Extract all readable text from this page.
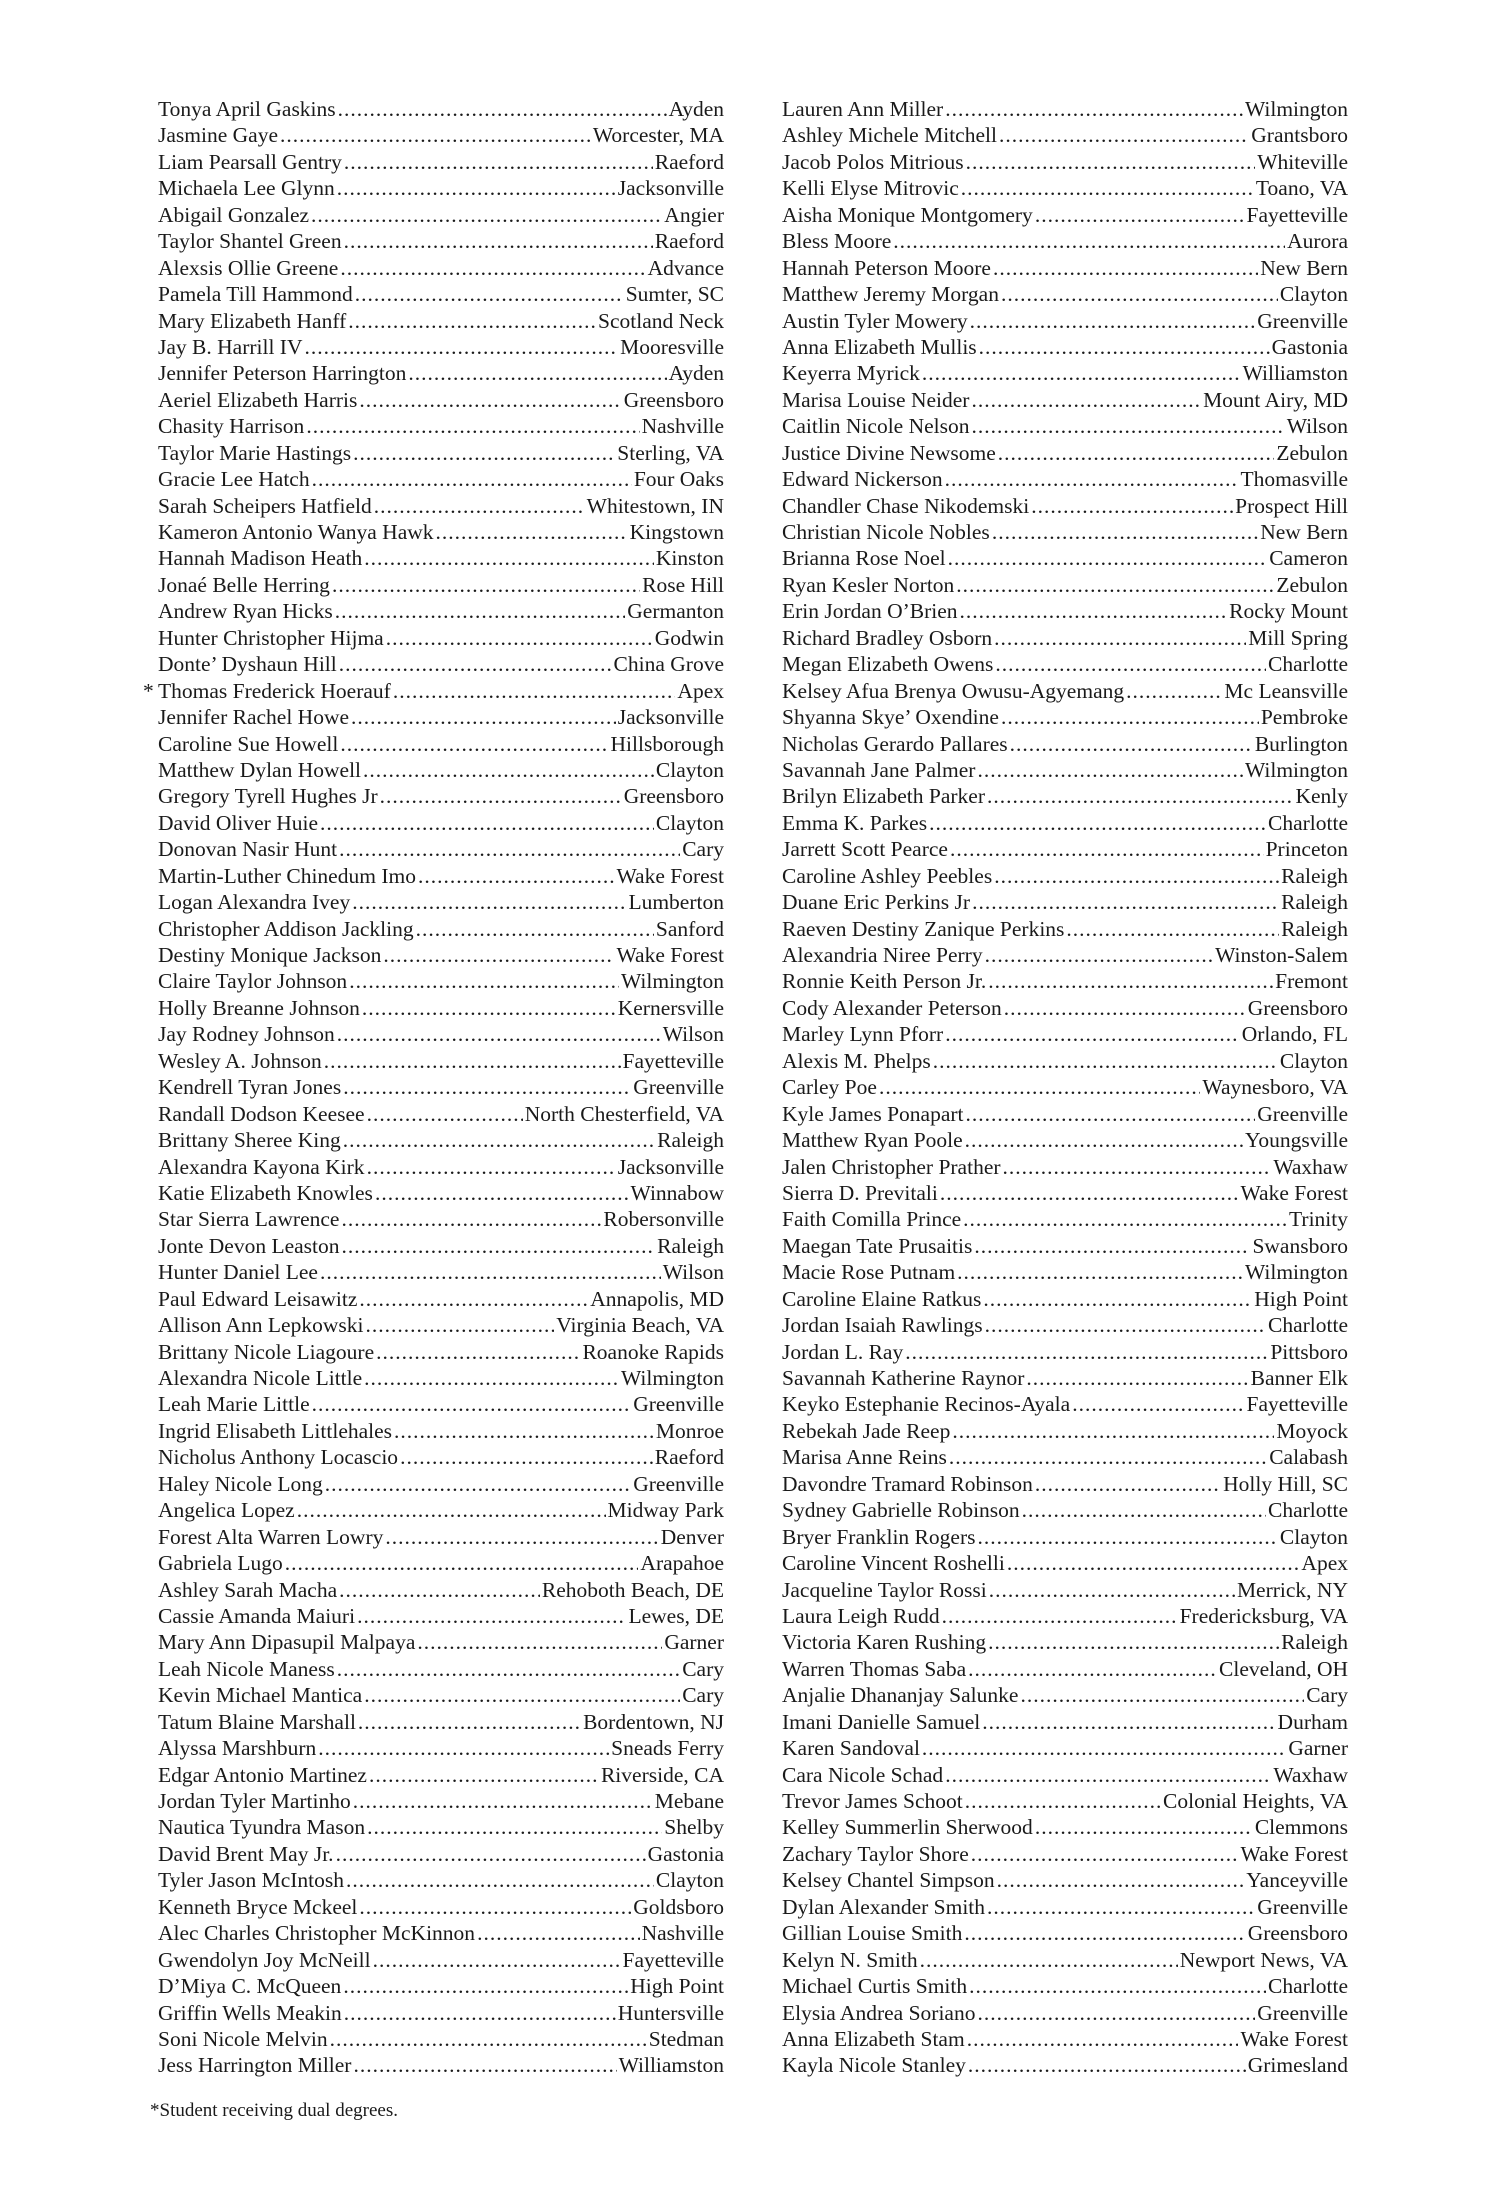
Tonya April Gaskins .....	Ayden
Jasmine Gaye .....	Worcester, MA
Liam Pearsall Gentry .....	Raeford
Michaela Lee Glynn .....	Jacksonville
Abigail Gonzalez .....	Angier
Taylor Shantel Green .....	Raeford
Alexsis Ollie Greene .....	Advance
Pamela Till Hammond .....	Sumter, SC
Mary Elizabeth Hanff .....	Scotland Neck
Jay B. Harrill IV .....	Mooresville
Jennifer Peterson Harrington .....	Ayden
Aeriel Elizabeth Harris .....	Greensboro
Chasity Harrison .....	Nashville
Taylor Marie Hastings .....	Sterling, VA
Gracie Lee Hatch .....	Four Oaks
Sarah Scheipers Hatfield .....	Whitestown, IN
Kameron Antonio Wanya Hawk .....	Kingstown
Hannah Madison Heath .....	Kinston
Jonaé Belle Herring .....	Rose Hill
Andrew Ryan Hicks .....	Germanton
Hunter Christopher Hijma .....	Godwin
Donte’ Dyshaun Hill .....	China Grove
* Thomas Frederick Hoerauf .....	Apex
Jennifer Rachel Howe .....	Jacksonville
Caroline Sue Howell .....	Hillsborough
Matthew Dylan Howell .....	Clayton
Gregory Tyrell Hughes Jr .....	Greensboro
David Oliver Huie .....	Clayton
Donovan Nasir Hunt .....	Cary
Martin-Luther Chinedum Imo .....	Wake Forest
Logan Alexandra Ivey .....	Lumberton
Christopher Addison Jackling .....	Sanford
Destiny Monique Jackson .....	Wake Forest
Claire Taylor Johnson .....	Wilmington
Holly Breanne Johnson .....	Kernersville
Jay Rodney Johnson .....	Wilson
Wesley A. Johnson .....	Fayetteville
Kendrell Tyran Jones .....	Greenville
Randall Dodson Keesee .....	North Chesterfield, VA
Brittany Sheree King .....	Raleigh
Alexandra Kayona Kirk .....	Jacksonville
Katie Elizabeth Knowles .....	Winnabow
Star Sierra Lawrence .....	Robersonville
Jonte Devon Leaston .....	Raleigh
Hunter Daniel Lee .....	Wilson
Paul Edward Leisawitz .....	Annapolis, MD
Allison Ann Lepkowski .....	Virginia Beach, VA
Brittany Nicole Liagoure .....	Roanoke Rapids
Alexandra Nicole Little .....	Wilmington
Leah Marie Little .....	Greenville
Ingrid Elisabeth Littlehales .....	Monroe
Nicholus Anthony Locascio .....	Raeford
Haley Nicole Long .....	Greenville
Angelica Lopez .....	Midway Park
Forest Alta Warren Lowry .....	Denver
Gabriela Lugo .....	Arapahoe
Ashley Sarah Macha .....	Rehoboth Beach, DE
Cassie Amanda Maiuri .....	Lewes, DE
Mary Ann Dipasupil Malpaya .....	Garner
Leah Nicole Maness .....	Cary
Kevin Michael Mantica .....	Cary
Tatum Blaine Marshall .....	Bordentown, NJ
Alyssa Marshburn .....	Sneads Ferry
Edgar Antonio Martinez .....	Riverside, CA
Jordan Tyler Martinho .....	Mebane
Nautica Tyundra Mason .....	Shelby
David Brent May Jr. .....	Gastonia
Tyler Jason McIntosh .....	Clayton
Kenneth Bryce Mckeel .....	Goldsboro
Alec Charles Christopher McKinnon .....	Nashville
Gwendolyn Joy McNeill .....	Fayetteville
D’Miya C. McQueen .....	High Point
Griffin Wells Meakin .....	Huntersville
Soni Nicole Melvin .....	Stedman
Jess Harrington Miller .....	Williamston
Lauren Ann Miller .....	Wilmington
Ashley Michele Mitchell .....	Grantsboro
Jacob Polos Mitrious .....	Whiteville
Kelli Elyse Mitrovic .....	Toano, VA
Aisha Monique Montgomery .....	Fayetteville
Bless Moore .....	Aurora
Hannah Peterson Moore .....	New Bern
Matthew Jeremy Morgan .....	Clayton
Austin Tyler Mowery .....	Greenville
Anna Elizabeth Mullis .....	Gastonia
Keyerra Myrick .....	Williamston
Marisa Louise Neider .....	Mount Airy, MD
Caitlin Nicole Nelson .....	Wilson
Justice Divine Newsome .....	Zebulon
Edward Nickerson .....	Thomasville
Chandler Chase Nikodemski .....	Prospect Hill
Christian Nicole Nobles .....	New Bern
Brianna Rose Noel .....	Cameron
Ryan Kesler Norton .....	Zebulon
Erin Jordan O’Brien .....	Rocky Mount
Richard Bradley Osborn .....	Mill Spring
Megan Elizabeth Owens .....	Charlotte
Kelsey Afua Brenya Owusu-Agyemang .....	Mc Leansville
Shyanna Skye’ Oxendine .....	Pembroke
Nicholas Gerardo Pallares .....	Burlington
Savannah Jane Palmer .....	Wilmington
Brilyn Elizabeth Parker .....	Kenly
Emma K. Parkes .....	Charlotte
Jarrett Scott Pearce .....	Princeton
Caroline Ashley Peebles .....	Raleigh
Duane Eric Perkins Jr .....	Raleigh
Raeven Destiny Zanique Perkins .....	Raleigh
Alexandria Niree Perry .....	Winston-Salem
Ronnie Keith Person Jr. .....	Fremont
Cody Alexander Peterson .....	Greensboro
Marley Lynn Pforr .....	Orlando, FL
Alexis M. Phelps .....	Clayton
Carley Poe .....	Waynesboro, VA
Kyle James Ponapart .....	Greenville
Matthew Ryan Poole .....	Youngsville
Jalen Christopher Prather .....	Waxhaw
Sierra D. Previtali .....	Wake Forest
Faith Comilla Prince .....	Trinity
Maegan Tate Prusaitis .....	Swansboro
Macie Rose Putnam .....	Wilmington
Caroline Elaine Ratkus .....	High Point
Jordan Isaiah Rawlings .....	Charlotte
Jordan L. Ray .....	Pittsboro
Savannah Katherine Raynor .....	Banner Elk
Keyko Estephanie Recinos-Ayala .....	Fayetteville
Rebekah Jade Reep .....	Moyock
Marisa Anne Reins .....	Calabash
Davondre Tramard Robinson .....	Holly Hill, SC
Sydney Gabrielle Robinson .....	Charlotte
Bryer Franklin Rogers .....	Clayton
Caroline Vincent Roshelli .....	Apex
Jacqueline Taylor Rossi .....	Merrick, NY
Laura Leigh Rudd .....	Fredericksburg, VA
Victoria Karen Rushing .....	Raleigh
Warren Thomas Saba .....	Cleveland, OH
Anjalie Dhananjay Salunke .....	Cary
Imani Danielle Samuel .....	Durham
Karen Sandoval .....	Garner
Cara Nicole Schad .....	Waxhaw
Trevor James Schoot .....	Colonial Heights, VA
Kelley Summerlin Sherwood .....	Clemmons
Zachary Taylor Shore .....	Wake Forest
Kelsey Chantel Simpson .....	Yanceyville
Dylan Alexander Smith .....	Greenville
Gillian Louise Smith .....	Greensboro
Kelyn N. Smith .....	Newport News, VA
Michael Curtis Smith .....	Charlotte
Elysia Andrea Soriano .....	Greenville
Anna Elizabeth Stam .....	Wake Forest
Kayla Nicole Stanley .....	Grimesland
*Student receiving dual degrees.
